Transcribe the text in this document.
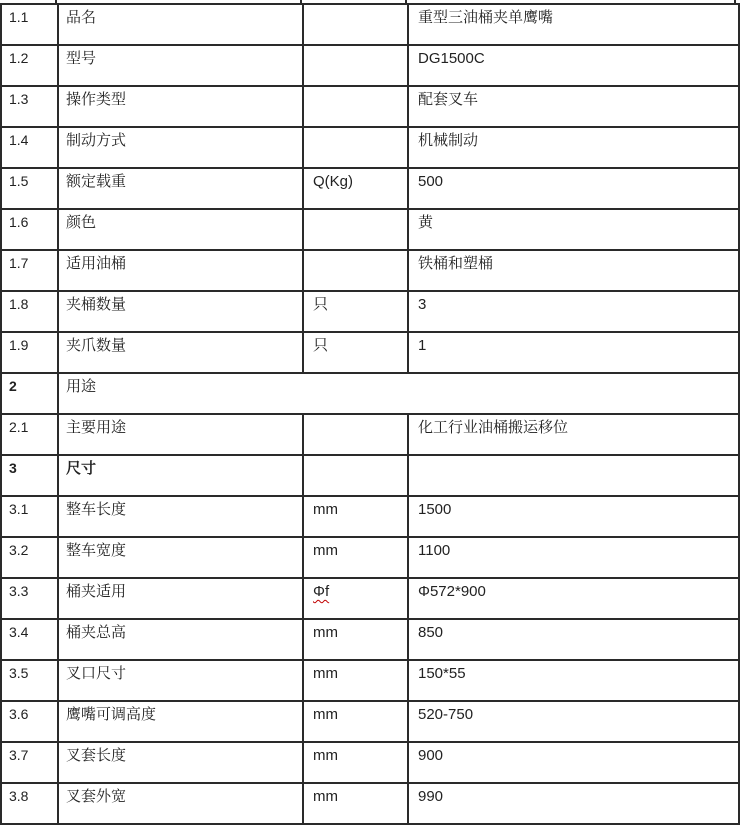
1.1	品名		重型三油桶夹单鹰嘴
1.2	型号		DG1500C
1.3	操作类型		配套叉车
1.4	制动方式		机械制动
1.5	额定载重	Q(Kg)	500
1.6	颜色		黄
1.7	适用油桶		铁桶和塑桶
1.8	夹桶数量	只	3
1.9	夹爪数量	只	1
2	用途		
2.1	主要用途		化工行业油桶搬运移位
3	尺寸		
3.1	整车长度	mm	1500
3.2	整车宽度	mm	1100
3.3	桶夹适用	Φf	Φ572*900
3.4	桶夹总高	mm	850
3.5	叉口尺寸	mm	150*55
3.6	鹰嘴可调高度	mm	520-750
3.7	叉套长度	mm	900
3.8	叉套外宽	mm	990
